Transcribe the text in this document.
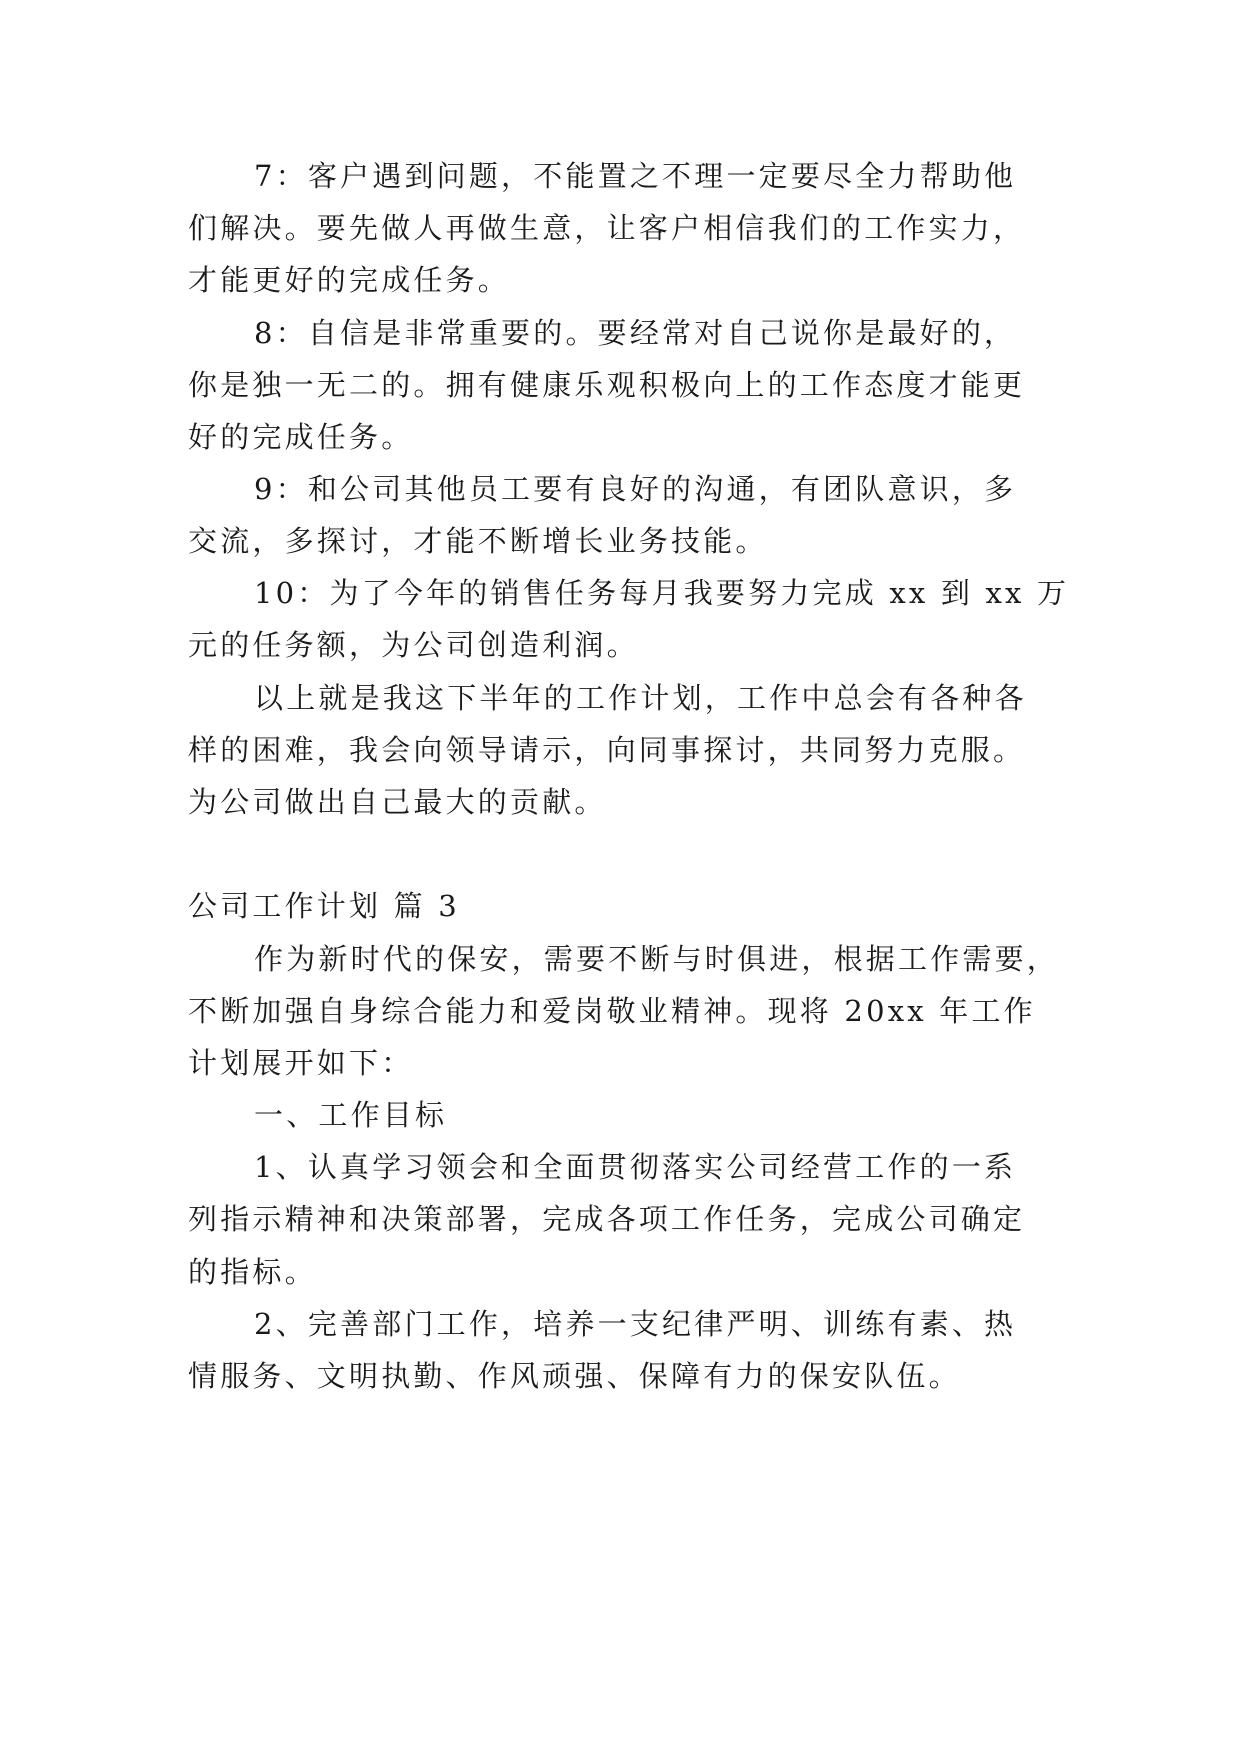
7：客户遇到问题，不能置之不理一定要尽全力帮助他
们解决。要先做人再做生意，让客户相信我们的工作实力，
才能更好的完成任务。
8：自信是非常重要的。要经常对自己说你是最好的，
你是独一无二的。拥有健康乐观积极向上的工作态度才能更
好的完成任务。
9：和公司其他员工要有良好的沟通，有团队意识，多
交流，多探讨，才能不断增长业务技能。
10：为了今年的销售任务每月我要努力完成 xx 到 xx 万
元的任务额，为公司创造利润。
以上就是我这下半年的工作计划，工作中总会有各种各
样的困难，我会向领导请示，向同事探讨，共同努力克服。
为公司做出自己最大的贡献。
公司工作计划 篇 3
作为新时代的保安，需要不断与时俱进，根据工作需要，
不断加强自身综合能力和爱岗敬业精神。现将 20xx 年工作
计划展开如下：
一、工作目标
1、认真学习领会和全面贯彻落实公司经营工作的一系
列指示精神和决策部署，完成各项工作任务，完成公司确定
的指标。
2、完善部门工作，培养一支纪律严明、训练有素、热
情服务、文明执勤、作风顽强、保障有力的保安队伍。
